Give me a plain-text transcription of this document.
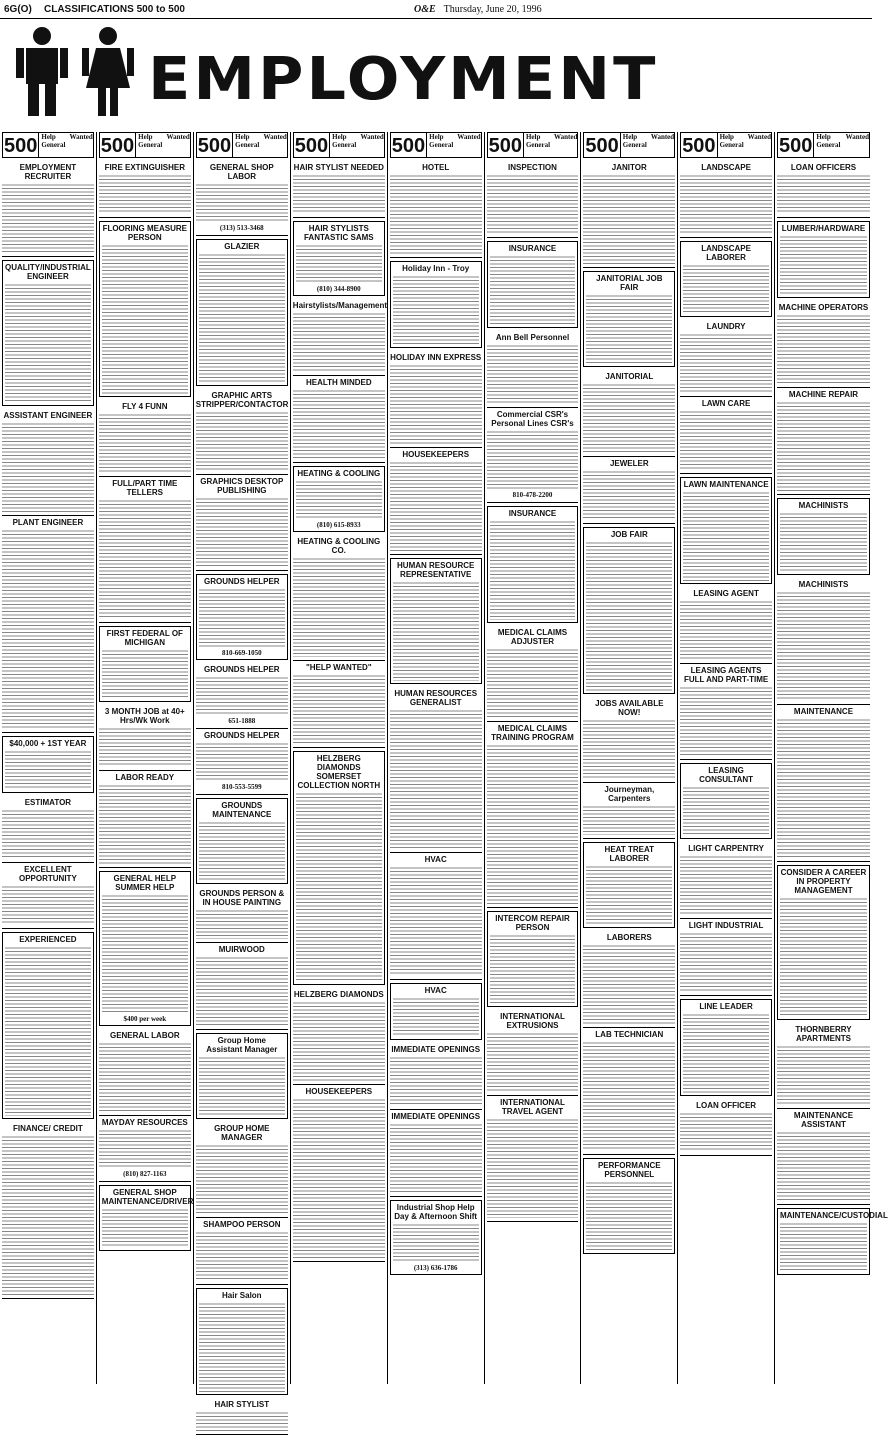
6G(O)	CLASSIFICATIONS 500 to 500	O&E Thursday, June 20, 1996
EMPLOYMENT
500 Help Wanted
General
EMPLOYMENT RECRUITER
QUALITY/INDUSTRIAL ENGINEER
ASSISTANT ENGINEER
PLANT ENGINEER
$40,000 + 1ST YEAR
ESTIMATOR
EXCELLENT OPPORTUNITY
EXPERIENCED
FINANCE/ CREDIT
500 Help Wanted
General
FIRE EXTINGUISHER
FLOORING MEASURE PERSON
FLY 4 FUNN
FULL/PART TIME TELLERS
FIRST FEDERAL OF MICHIGAN
3 MONTH JOB at 40+ Hrs/Wk Work
LABOR READY
GENERAL HELP SUMMER HELP
$400 per week
GENERAL LABOR
MAYDAY RESOURCES
(810) 827-1163
GENERAL SHOP MAINTENANCE/DRIVER
500 Help Wanted
General
GENERAL SHOP LABOR
(313) 513-3468
GLAZIER
GRAPHIC ARTS STRIPPER/CONTACTOR
GRAPHICS DESKTOP PUBLISHING
GROUNDS HELPER
810-669-1050
GROUNDS HELPER
651-1888
GROUNDS HELPER
810-553-5599
GROUNDS MAINTENANCE
GROUNDS PERSON & IN HOUSE PAINTING
MUIRWOOD
Group Home Assistant Manager
GROUP HOME MANAGER
SHAMPOO PERSON
Hair Salon
HAIR STYLIST
500 Help Wanted
General
HAIR STYLIST NEEDED
HAIR STYLISTS FANTASTIC SAMS
(810) 344-8900
Hairstylists/Management
HEALTH MINDED
HEATING & COOLING
(810) 615-8933
HEATING & COOLING CO.
"HELP WANTED"
HELZBERG DIAMONDS SOMERSET COLLECTION NORTH
HELZBERG DIAMONDS
HOUSEKEEPERS
500 Help Wanted
General
HOTEL
Holiday Inn - Troy
HOLIDAY INN EXPRESS
HOUSEKEEPERS
HUMAN RESOURCE REPRESENTATIVE
HUMAN RESOURCES GENERALIST
HVAC
HVAC
IMMEDIATE OPENINGS
IMMEDIATE OPENINGS
Industrial Shop Help Day & Afternoon Shift
(313) 636-1786
500 Help Wanted
General
INSPECTION
INSURANCE
Ann Bell Personnel
Commercial CSR's Personal Lines CSR's
810-478-2200
INSURANCE
MEDICAL CLAIMS ADJUSTER
MEDICAL CLAIMS TRAINING PROGRAM
INTERCOM REPAIR PERSON
INTERNATIONAL EXTRUSIONS
INTERNATIONAL TRAVEL AGENT
500 Help Wanted
General
JANITOR
JANITORIAL JOB FAIR
JANITORIAL
JEWELER
JOB FAIR
JOBS AVAILABLE NOW!
Journeyman, Carpenters
HEAT TREAT LABORER
LABORERS
LAB TECHNICIAN
PERFORMANCE PERSONNEL
500 Help Wanted
General
LANDSCAPE
LANDSCAPE LABORER
LAUNDRY
LAWN CARE
LAWN MAINTENANCE
LEASING AGENT
LEASING AGENTS FULL AND PART-TIME
LEASING CONSULTANT
LIGHT CARPENTRY
LIGHT INDUSTRIAL
LINE LEADER
LOAN OFFICER
500 Help Wanted
General
LOAN OFFICERS
LUMBER/HARDWARE
MACHINE OPERATORS
MACHINE REPAIR
MACHINISTS
MACHINISTS
MAINTENANCE
CONSIDER A CAREER IN PROPERTY MANAGEMENT
THORNBERRY APARTMENTS
MAINTENANCE ASSISTANT
MAINTENANCE/CUSTODIAL
